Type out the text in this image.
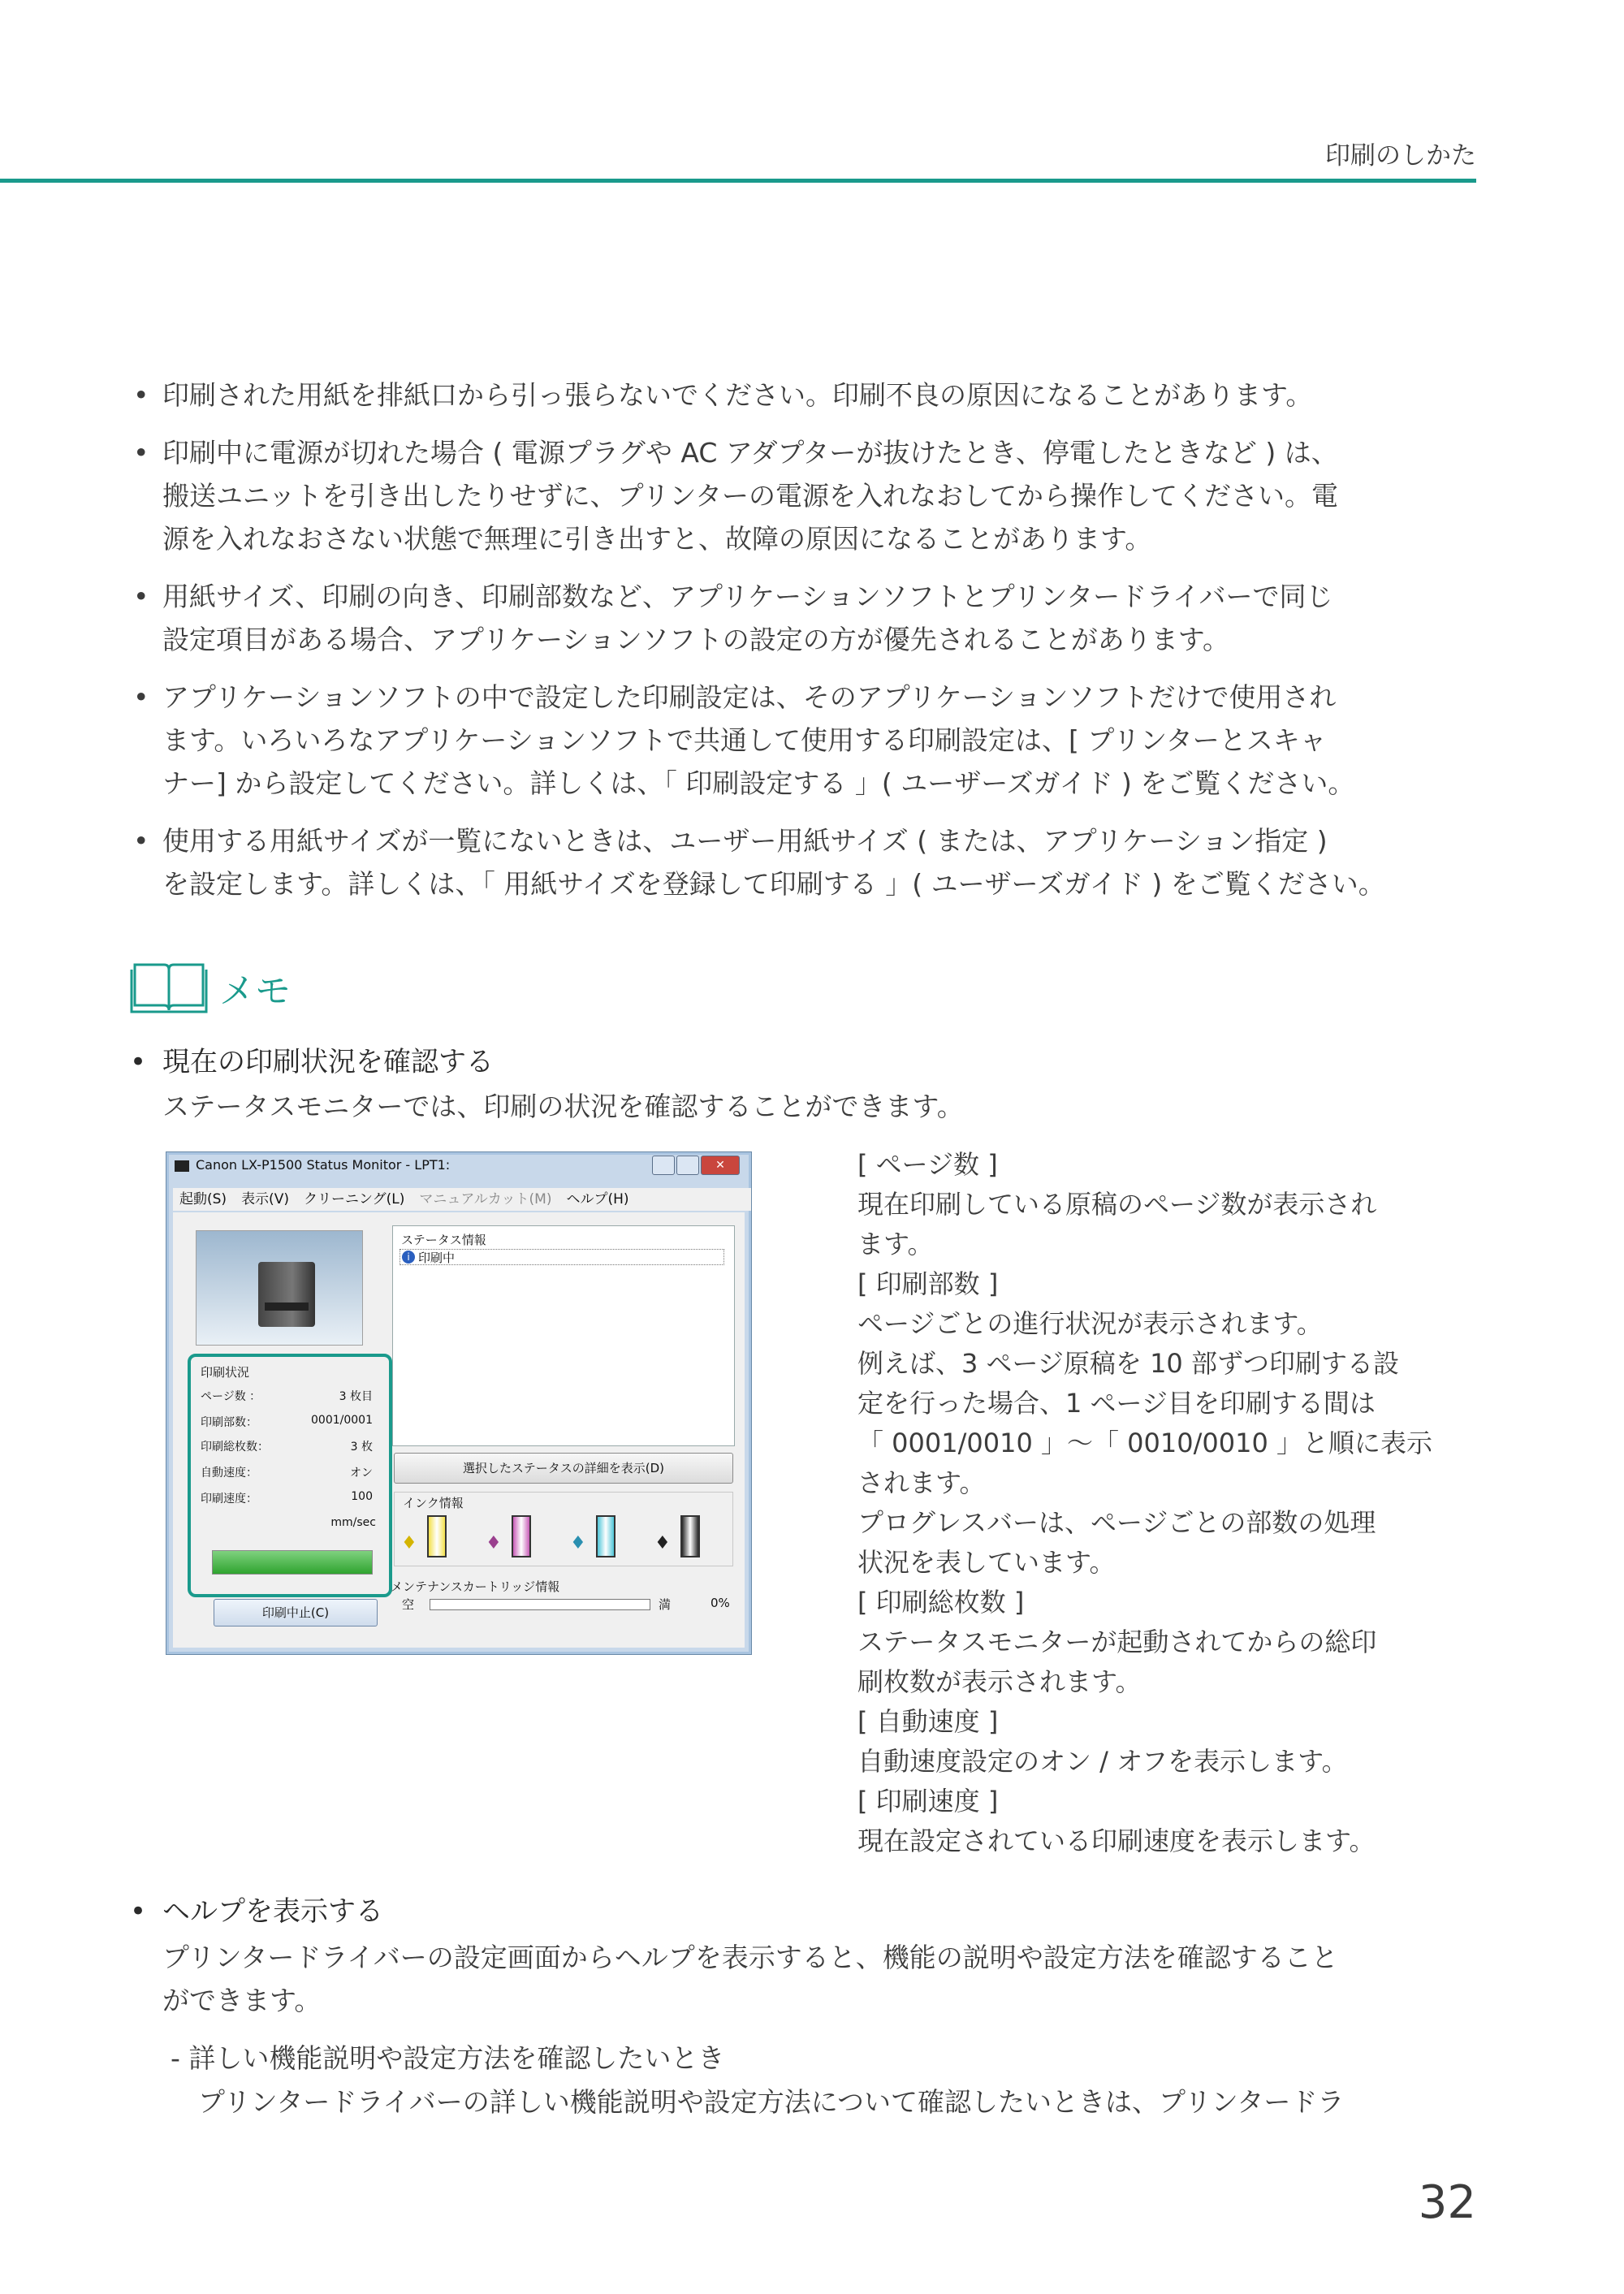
印刷のしかた
• 印刷された用紙を排紙口から引っ張らないでください。印刷不良の原因になることがあります。
• 印刷中に電源が切れた場合 ( 電源プラグや AC アダプターが抜けたとき、停電したときなど ) は、
搬送ユニットを引き出したりせずに、プリンターの電源を入れなおしてから操作してください。電
源を入れなおさない状態で無理に引き出すと、故障の原因になることがあります。
• 用紙サイズ、印刷の向き、印刷部数など、アプリケーションソフトとプリンタードライバーで同じ
設定項目がある場合、アプリケーションソフトの設定の方が優先されることがあります。
• アプリケーションソフトの中で設定した印刷設定は、そのアプリケーションソフトだけで使用され
ます。いろいろなアプリケーションソフトで共通して使用する印刷設定は、[ プリンターとスキャ
ナー] から設定してください。詳しくは、「 印刷設定する 」( ユーザーズガイド ) をご覧ください。
• 使用する用紙サイズが一覧にないときは、ユーザー用紙サイズ ( または、アプリケーション指定 )
を設定します。詳しくは、「 用紙サイズを登録して印刷する 」( ユーザーズガイド ) をご覧ください。
メモ
• 現在の印刷状況を確認する
ステータスモニターでは、印刷の状況を確認することができます。
Canon LX-P1500 Status Monitor - LPT1:	✕
起動(S) 表示(V) クリーニング(L) マニュアルカット(M) ヘルプ(H)
印刷状況
ページ数 ：	3 枚目
印刷部数：	0001/0001
印刷総枚数：	3 枚
自動速度：	オン
印刷速度：	100
mm/sec
印刷中止(C)
ステータス情報
i 印刷中
選択したステータスの詳細を表示(D)
インク情報
♦	♦	♦	♦
メンテナンスカートリッジ情報
空	満	0%
[ ページ数 ]
現在印刷している原稿のページ数が表示され
ます。
[ 印刷部数 ]
ページごとの進行状況が表示されます。
例えば、3 ページ原稿を 10 部ずつ印刷する設
定を行った場合、1 ページ目を印刷する間は
「 0001/0010 」～「 0010/0010 」と順に表示
されます。
プログレスバーは、ページごとの部数の処理
状況を表しています。
[ 印刷総枚数 ]
ステータスモニターが起動されてからの総印
刷枚数が表示されます。
[ 自動速度 ]
自動速度設定のオン / オフを表示します。
[ 印刷速度 ]
現在設定されている印刷速度を表示します。
• ヘルプを表示する
プリンタードライバーの設定画面からヘルプを表示すると、機能の説明や設定方法を確認すること
ができます。
- 詳しい機能説明や設定方法を確認したいとき
プリンタードライバーの詳しい機能説明や設定方法について確認したいときは、プリンタードラ
32
